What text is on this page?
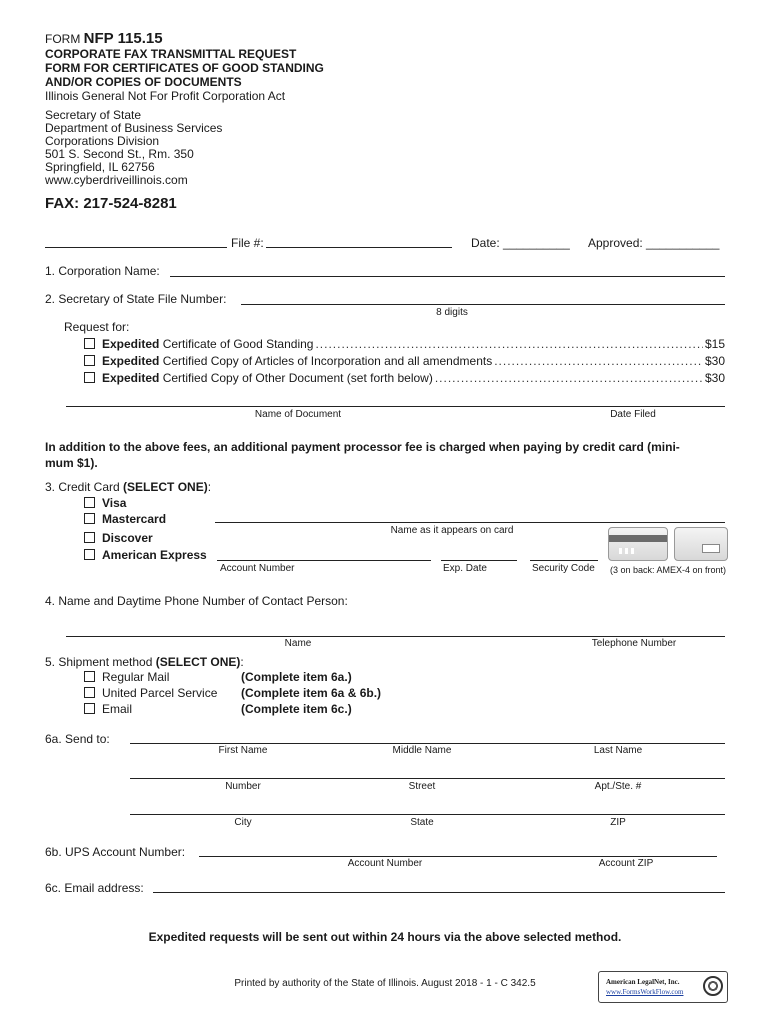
FORM NFP 115.15
CORPORATE FAX TRANSMITTAL REQUEST
FORM FOR CERTIFICATES OF GOOD STANDING
AND/OR COPIES OF DOCUMENTS
Illinois General Not For Profit Corporation Act
Secretary of State
Department of Business Services
Corporations Division
501 S. Second St., Rm. 350
Springfield, IL 62756
www.cyberdriveillinois.com
FAX: 217-524-8281
File #:	Date: __________ Approved: ___________
1. Corporation Name:
2. Secretary of State File Number:
8 digits
Request for:
Expedited Certificate of Good Standing .....	$15
Expedited Certified Copy of Articles of Incorporation and all amendments .....	$30
Expedited Certified Copy of Other Document (set forth below) .....	$30
Name of Document	Date Filed
In addition to the above fees, an additional payment processor fee is charged when paying by credit card (mini-
mum $1).
3. Credit Card (SELECT ONE):
Visa
Mastercard
Discover
American Express
Name as it appears on card
Account Number	Exp. Date	Security Code (3 on back: AMEX-4 on front)
4. Name and Daytime Phone Number of Contact Person:
Name	Telephone Number
5. Shipment method (SELECT ONE):
Regular Mail	(Complete item 6a.)
United Parcel Service (Complete item 6a & 6b.)
Email	(Complete item 6c.)
6a. Send to:
First Name	Middle Name	Last Name
Number	Street	Apt./Ste. #
City	State	ZIP
6b. UPS Account Number:
Account Number	Account ZIP
6c. Email address:
Expedited requests will be sent out within 24 hours via the above selected method.
Printed by authority of the State of Illinois. August 2018 - 1 - C 342.5	American LegalNet, Inc.
www.FormsWorkFlow.com
